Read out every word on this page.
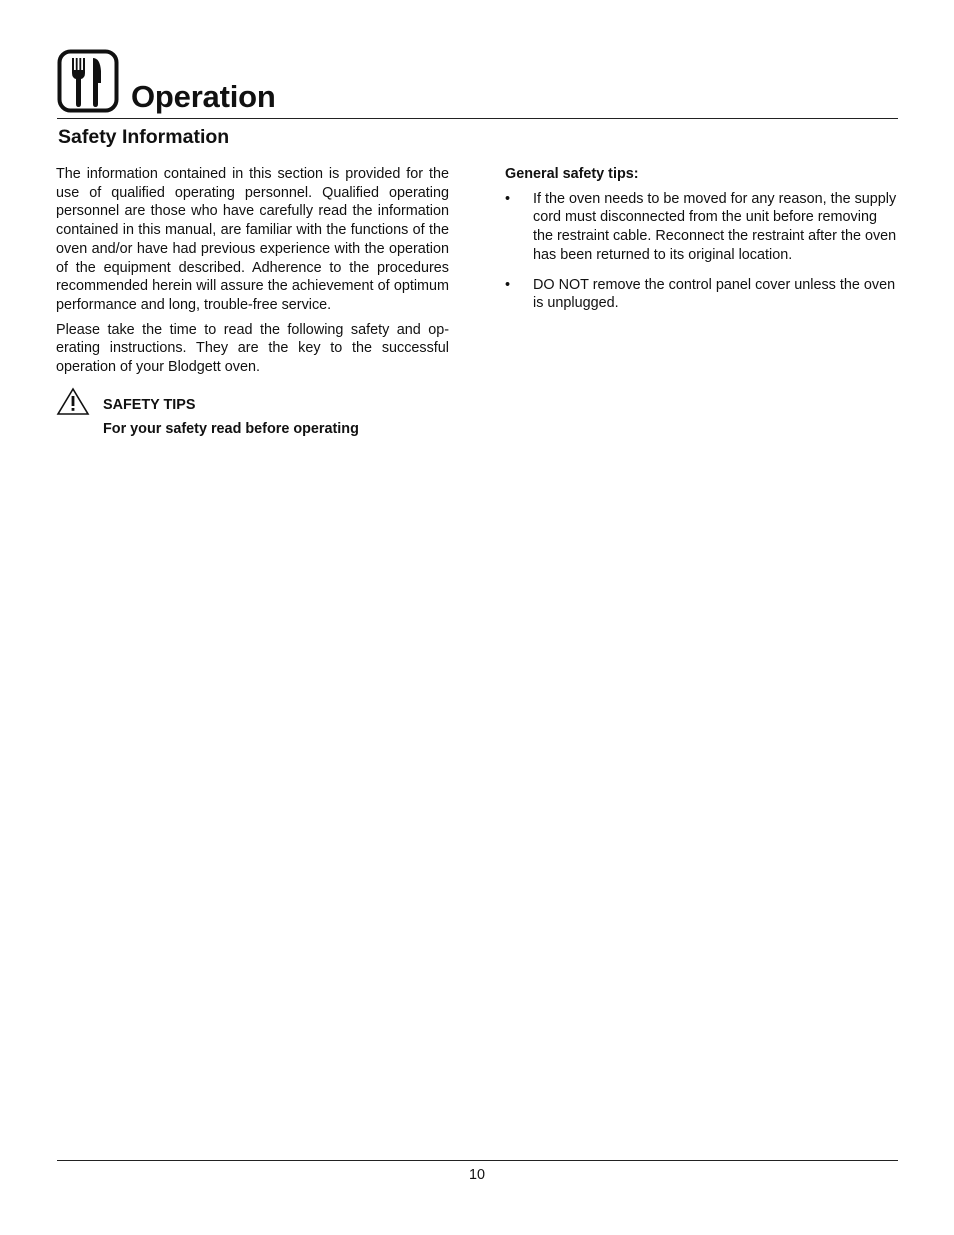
Operation
Safety Information

The information contained in this section is provided for the use of qualified operating personnel. Qualified operating personnel are those who have carefully read the information contained in this manual, are familiar with the functions of the oven and/or have had previous experience with the operation of the equipment described. Adherence to the procedures recommended herein will assure the achievement of optimum performance and long, trouble-free service.

Please take the time to read the following safety and operating instructions. They are the key to the successful operation of your Blodgett oven.

SAFETY TIPS

For your safety read before operating

General safety tips:
• If the oven needs to be moved for any reason, the supply cord must disconnected from the unit before removing the restraint cable. Reconnect the restraint after the oven has been returned to its original location.
• DO NOT remove the control panel cover unless the oven is unplugged.
10
